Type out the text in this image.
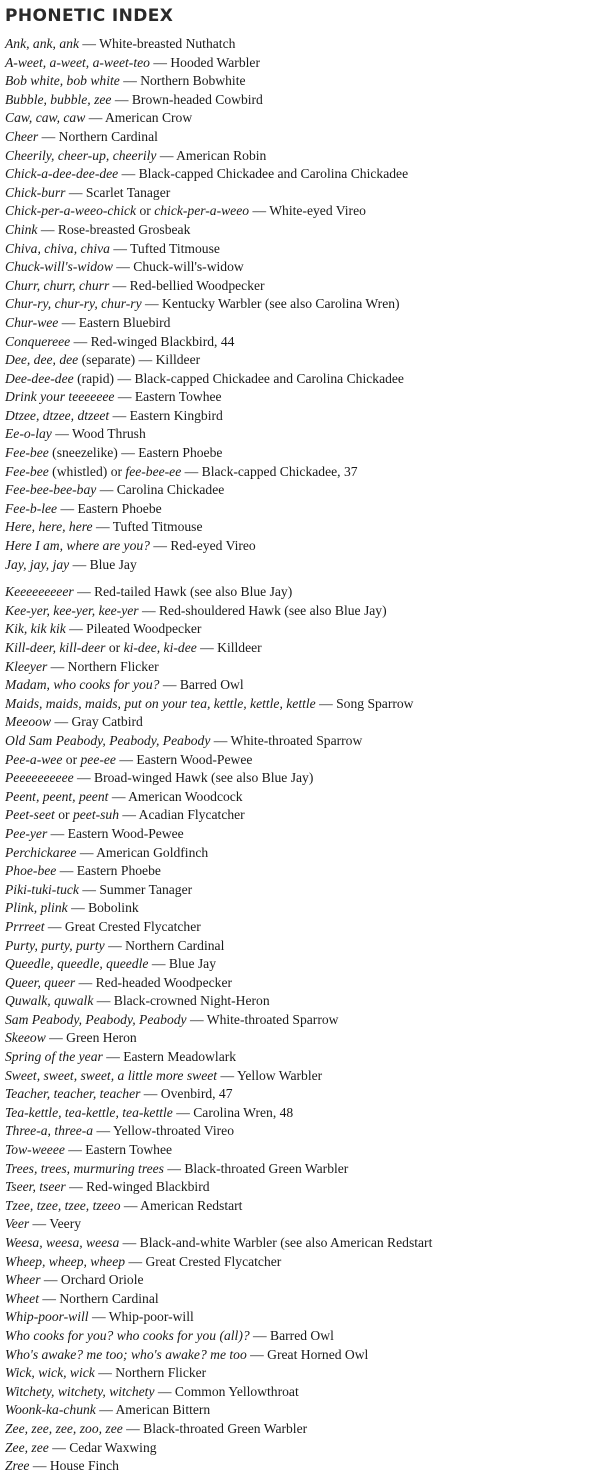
PHONETIC INDEX
Ank, ank, ank — White-breasted Nuthatch
A-weet, a-weet, a-weet-teo — Hooded Warbler
Bob white, bob white — Northern Bobwhite
Bubble, bubble, zee — Brown-headed Cowbird
Caw, caw, caw — American Crow
Cheer — Northern Cardinal
Cheerily, cheer-up, cheerily — American Robin
Chick-a-dee-dee-dee — Black-capped Chickadee and Carolina Chickadee
Chick-burr — Scarlet Tanager
Chick-per-a-weeo-chick or chick-per-a-weeo — White-eyed Vireo
Chink — Rose-breasted Grosbeak
Chiva, chiva, chiva — Tufted Titmouse
Chuck-will's-widow — Chuck-will's-widow
Churr, churr, churr — Red-bellied Woodpecker
Chur-ry, chur-ry, chur-ry — Kentucky Warbler (see also Carolina Wren)
Chur-wee — Eastern Bluebird
Conquereee — Red-winged Blackbird, 44
Dee, dee, dee (separate) — Killdeer
Dee-dee-dee (rapid) — Black-capped Chickadee and Carolina Chickadee
Drink your teeeeeee — Eastern Towhee
Dtzee, dtzee, dtzeet — Eastern Kingbird
Ee-o-lay — Wood Thrush
Fee-bee (sneezelike) — Eastern Phoebe
Fee-bee (whistled) or fee-bee-ee — Black-capped Chickadee, 37
Fee-bee-bee-bay — Carolina Chickadee
Fee-b-lee — Eastern Phoebe
Here, here, here — Tufted Titmouse
Here I am, where are you? — Red-eyed Vireo
Jay, jay, jay — Blue Jay
Keeeeeeeeer — Red-tailed Hawk (see also Blue Jay)
Kee-yer, kee-yer, kee-yer — Red-shouldered Hawk (see also Blue Jay)
Kik, kik kik — Pileated Woodpecker
Kill-deer, kill-deer or ki-dee, ki-dee — Killdeer
Kleeyer — Northern Flicker
Madam, who cooks for you? — Barred Owl
Maids, maids, maids, put on your tea, kettle, kettle, kettle — Song Sparrow
Meeoow — Gray Catbird
Old Sam Peabody, Peabody, Peabody — White-throated Sparrow
Pee-a-wee or pee-ee — Eastern Wood-Pewee
Peeeeeeeeee — Broad-winged Hawk (see also Blue Jay)
Peent, peent, peent — American Woodcock
Peet-seet or peet-suh — Acadian Flycatcher
Pee-yer — Eastern Wood-Pewee
Perchickaree — American Goldfinch
Phoe-bee — Eastern Phoebe
Piki-tuki-tuck — Summer Tanager
Plink, plink — Bobolink
Prrreet — Great Crested Flycatcher
Purty, purty, purty — Northern Cardinal
Queedle, queedle, queedle — Blue Jay
Queer, queer — Red-headed Woodpecker
Quwalk, quwalk — Black-crowned Night-Heron
Sam Peabody, Peabody, Peabody — White-throated Sparrow
Skeeow — Green Heron
Spring of the year — Eastern Meadowlark
Sweet, sweet, sweet, a little more sweet — Yellow Warbler
Teacher, teacher, teacher — Ovenbird, 47
Tea-kettle, tea-kettle, tea-kettle — Carolina Wren, 48
Three-a, three-a — Yellow-throated Vireo
Tow-weeee — Eastern Towhee
Trees, trees, murmuring trees — Black-throated Green Warbler
Tseer, tseer — Red-winged Blackbird
Tzee, tzee, tzee, tzeeo — American Redstart
Veer — Veery
Weesa, weesa, weesa — Black-and-white Warbler (see also American Redstart
Wheep, wheep, wheep — Great Crested Flycatcher
Wheer — Orchard Oriole
Wheet — Northern Cardinal
Whip-poor-will — Whip-poor-will
Who cooks for you? who cooks for you (all)? — Barred Owl
Who's awake? me too; who's awake? me too — Great Horned Owl
Wick, wick, wick — Northern Flicker
Witchety, witchety, witchety — Common Yellowthroat
Woonk-ka-chunk — American Bittern
Zee, zee, zee, zoo, zee — Black-throated Green Warbler
Zee, zee — Cedar Waxwing
Zree — House Finch
